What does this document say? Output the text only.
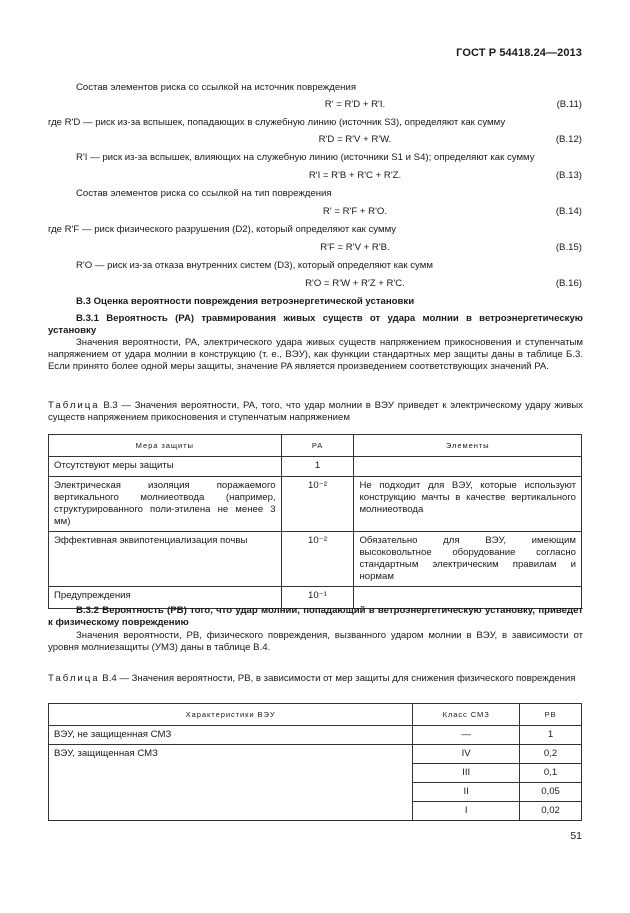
ГОСТ Р 54418.24—2013
Состав элементов риска со ссылкой на источник повреждения
R' = R'D + R'I.	(В.11)
где R'D — риск из-за вспышек, попадающих в служебную линию (источник S3), определяют как сумму
R'D = R'V + R'W.	(В.12)
R'I — риск из-за вспышек, влияющих на служебную линию (источники S1 и S4); определяют как сумму
R'I = R'B + R'C + R'Z.	(В.13)
Состав элементов риска со ссылкой на тип повреждения
R' = R'F + R'O.	(В.14)
где R'F — риск физического разрушения (D2), который определяют как сумму
R'F = R'V + R'B.	(В.15)
R'O — риск из-за отказа внутренних систем (D3), который определяют как сумм
R'O = R'W + R'Z + R'C.	(В.16)
В.3 Оценка вероятности повреждения ветроэнергетической установки
В.3.1 Вероятность (PA) травмирования живых существ от удара молнии в ветроэнергетическую установку
Значения вероятности, PA, электрического удара живых существ напряжением прикосновения и ступенчатым напряжением от удара молнии в конструкцию (т. е., ВЭУ), как функции стандартных мер защиты даны в таблице Б.3. Если принято более одной меры защиты, значение PA является произведением соответствующих значений PA.
Таблица В.3 — Значения вероятности, PA, того, что удар молнии в ВЭУ приведет к электрическому удару живых существ напряжением прикосновения и ступенчатым напряжением
Мера защиты	PA	Элементы
Отсутствуют меры защиты	1	
Электрическая изоляция поражаемого вертикального молниеотвода (например, структурированного поли-этилена не менее 3 мм)	10⁻²	Не подходит для ВЭУ, которые используют конструкцию мачты в качестве вертикального молниеотвода
Эффективная эквипотенциализация почвы	10⁻²	Обязательно для ВЭУ, имеющим высоковольтное оборудование согласно стандартным электрическим правилам и нормам
Предупреждения	10⁻¹	
В.3.2 Вероятность (PB) того, что удар молнии, попадающий в ветроэнергетическую установку, приведет к физическому повреждению
Значения вероятности, PB, физического повреждения, вызванного ударом молнии в ВЭУ, в зависимости от уровня молниезащиты (УМЗ) даны в таблице В.4.
Таблица В.4 — Значения вероятности, PB, в зависимости от мер защиты для снижения физического повреждения
Характеристики ВЭУ	Класс СМЗ	PB
ВЭУ, не защищенная СМЗ	—	1
ВЭУ, защищенная СМЗ	IV	0,2
	III	0,1
	II	0,05
	I	0,02
51
